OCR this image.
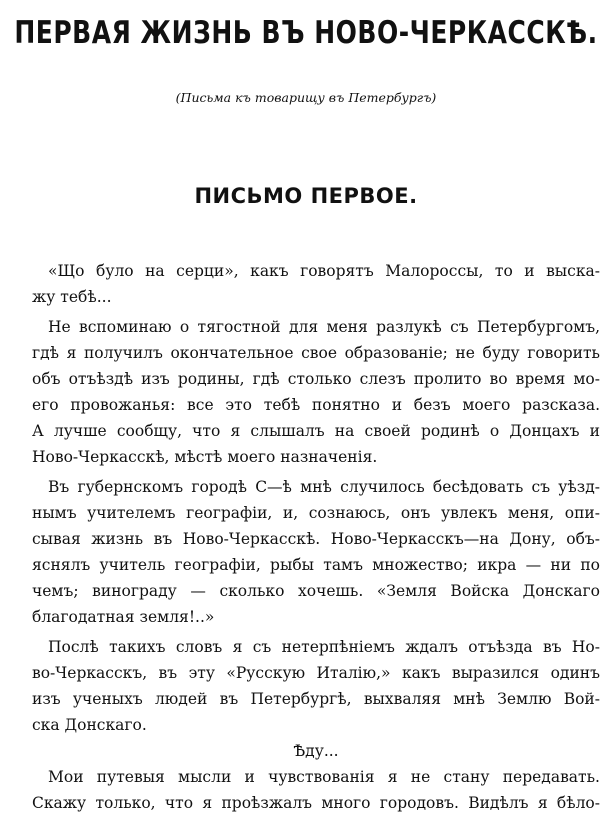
ПЕРВАЯ ЖИЗНЬ ВЪ НОВО-ЧЕРКАССКѢ.
(Письма къ товарищу въ Петербургъ)
ПИСЬМО ПЕРВОЕ.
«Що було на серци», какъ говорятъ Малороссы, то и выска-
жу тебѣ...
Не вспоминаю о тягостной для меня разлукѣ съ Петербургомъ,
гдѣ я получилъ окончательное свое образованіе; не буду говорить
объ отъѣздѣ изъ родины, гдѣ столько слезъ пролито во время мо-
его провожанья: все это тебѣ понятно и безъ моего разсказа.
А лучше сообщу, что я слышалъ на своей родинѣ о Донцахъ и
Ново-Черкасскѣ, мѣстѣ моего назначенія.
Въ губернскомъ городѣ С—ѣ мнѣ случилось бесѣдовать съ уѣзд-
нымъ учителемъ географіи, и, сознаюсь, онъ увлекъ меня, опи-
сывая жизнь въ Ново-Черкасскѣ. Ново-Черкасскъ—на Дону, объ-
яснялъ учитель географіи, рыбы тамъ множество; икра — ни по
чемъ; винограду — сколько хочешь. «Земля Войска Донскаго
благодатная земля!..»
Послѣ такихъ словъ я съ нетерпѣніемъ ждалъ отъѣзда въ Но-
во-Черкасскъ, въ эту «Русскую Италію,» какъ выразился одинъ
изъ ученыхъ людей въ Петербургѣ, выхваляя мнѣ Землю Вой-
ска Донскаго.
Ѣду...
Мои путевыя мысли и чувствованія я не стану передавать.
Скажу только, что я проѣзжалъ много городовъ. Видѣлъ я бѣло-
